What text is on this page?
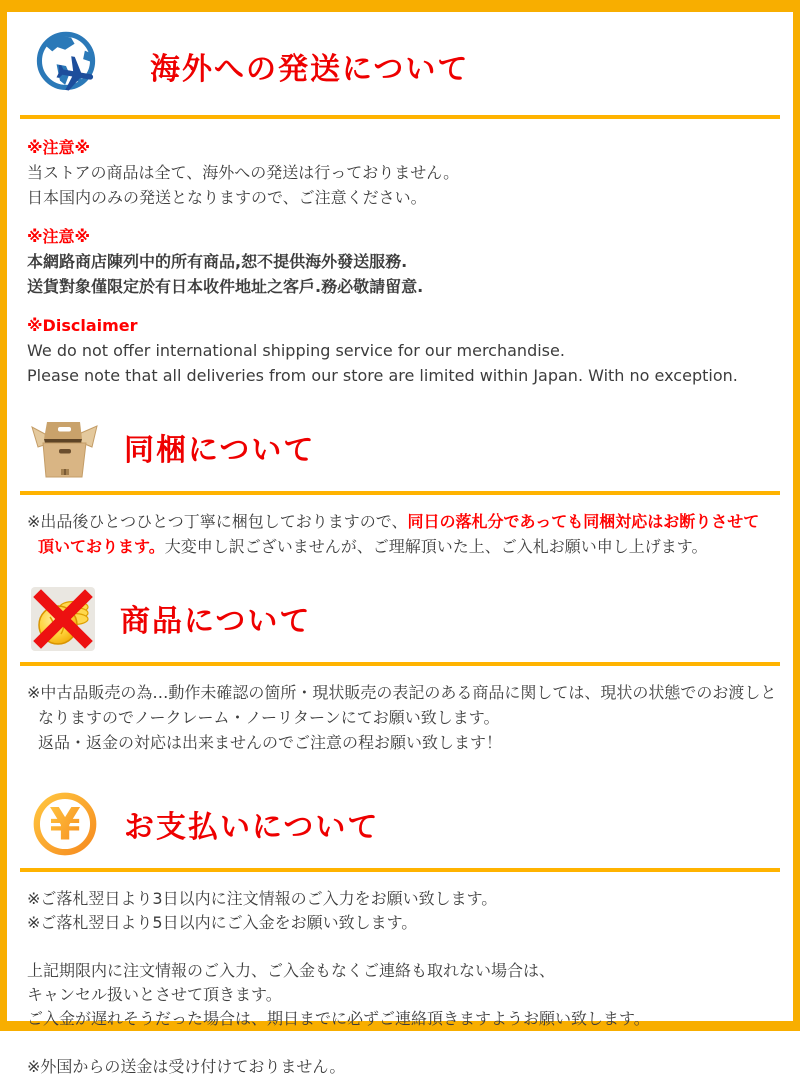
海外への発送について
※注意※
当ストアの商品は全て、海外への発送は行っておりません。
日本国内のみの発送となりますので、ご注意ください。
※注意※
本網路商店陳列中的所有商品,恕不提供海外發送服務.
送貨對象僅限定於有日本收件地址之客戶.務必敬請留意.
※Disclaimer
We do not offer international shipping service for our merchandise.
Please note that all deliveries from our store are limited within Japan. With no exception.
同梱について
※出品後ひとつひとつ丁寧に梱包しておりますので、同日の落札分であっても同梱対応はお断りさせて
頂いております。大変申し訳ございませんが、ご理解頂いた上、ご入札お願い申し上げます。
商品について
※中古品販売の為…動作未確認の箇所・現状販売の表記のある商品に関しては、現状の状態でのお渡しと
なりますのでノークレーム・ノーリターンにてお願い致します。
返品・返金の対応は出来ませんのでご注意の程お願い致します！
¥ お支払いについて
※ご落札翌日より3日以内に注文情報のご入力をお願い致します。
※ご落札翌日より5日以内にご入金をお願い致します。

上記期限内に注文情報のご入力、ご入金もなくご連絡も取れない場合は、
キャンセル扱いとさせて頂きます。
ご入金が遅れそうだった場合は、期日までに必ずご連絡頂きますようお願い致します。

※外国からの送金は受け付けておりません。
